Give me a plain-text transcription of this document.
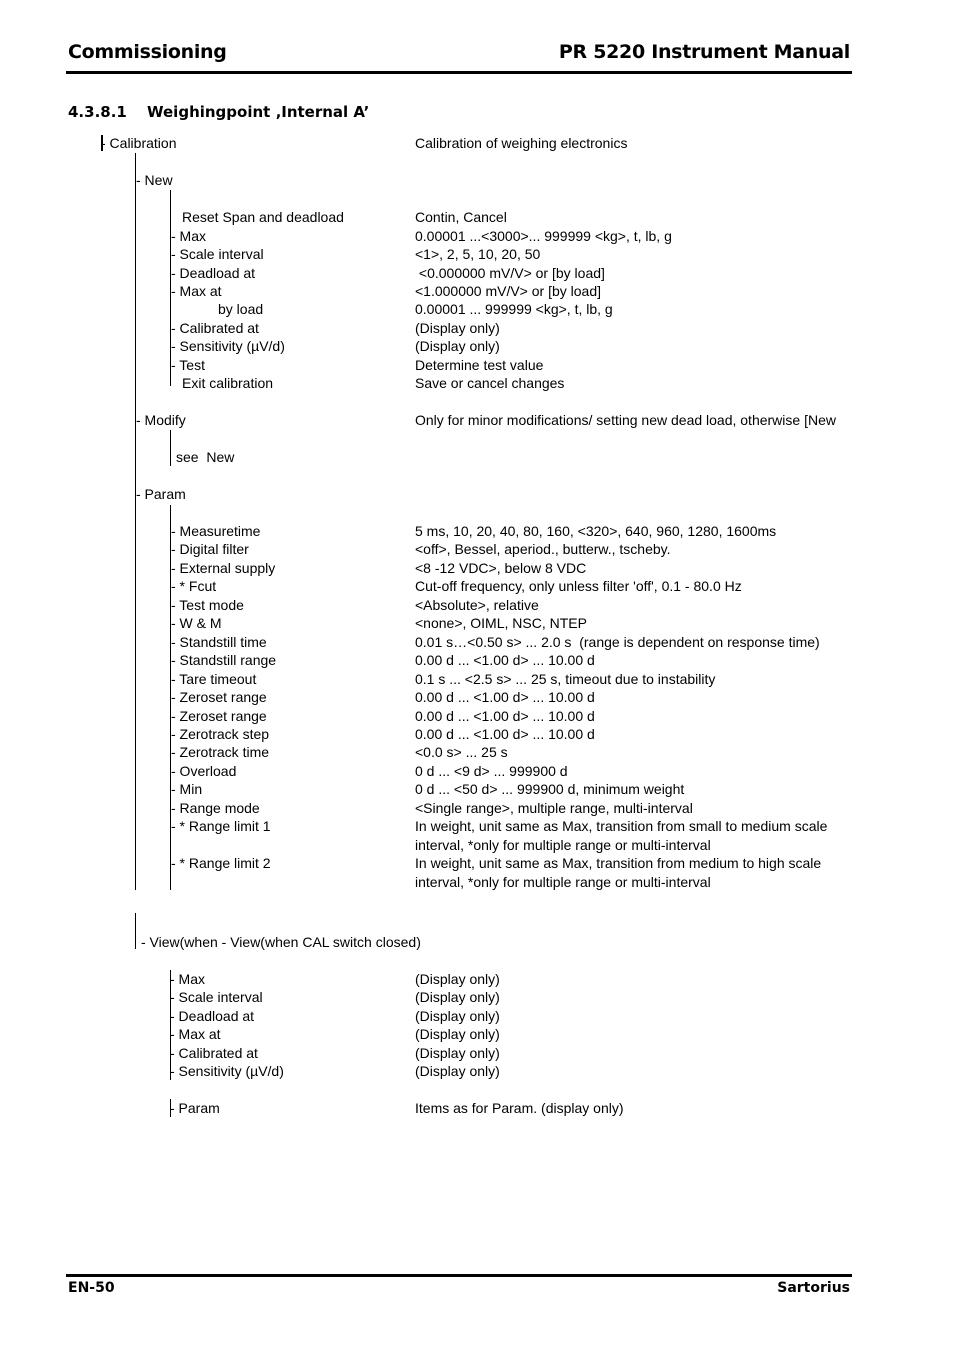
Commissioning	PR 5220 Instrument Manual
4.3.8.1 Weighingpoint ‚Internal A’
- Calibration	Calibration of weighing electronics
- New
Reset Span and deadload	Contin, Cancel
- Max	0.00001 ...<3000>... 999999 <kg>, t, lb, g
- Scale interval	<1>, 2, 5, 10, 20, 50
- Deadload at	<0.000000 mV/V> or [by load]
- Max at	<1.000000 mV/V> or [by load]
by load	0.00001 ... 999999 <kg>, t, lb, g
- Calibrated at	(Display only)
- Sensitivity (µV/d)	(Display only)
- Test	Determine test value
Exit calibration	Save or cancel changes
- Modify	Only for minor modifications/ setting new dead load, otherwise [New
see  New
- Param
- Measuretime	5 ms, 10, 20, 40, 80, 160, <320>, 640, 960, 1280, 1600ms
- Digital filter	<off>, Bessel, aperiod., butterw., tscheby.
- External supply	<8 -12 VDC>, below 8 VDC
- * Fcut	Cut-off frequency, only unless filter 'off', 0.1 - 80.0 Hz
- Test mode	<Absolute>, relative
- W & M	<none>, OIML, NSC, NTEP
- Standstill time	0.01 s…<0.50 s> ... 2.0 s  (range is dependent on response time)
- Standstill range	0.00 d ... <1.00 d> ... 10.00 d
- Tare timeout	0.1 s ... <2.5 s> ... 25 s, timeout due to instability
- Zeroset range	0.00 d ... <1.00 d> ... 10.00 d
- Zeroset range	0.00 d ... <1.00 d> ... 10.00 d
- Zerotrack step	0.00 d ... <1.00 d> ... 10.00 d
- Zerotrack time	<0.0 s> ... 25 s
- Overload	0 d ... <9 d> ... 999900 d
- Min	0 d ... <50 d> ... 999900 d, minimum weight
- Range mode	<Single range>, multiple range, multi-interval
- * Range limit 1	In weight, unit same as Max, transition from small to medium scale
interval, *only for multiple range or multi-interval
- * Range limit 2	In weight, unit same as Max, transition from medium to high scale
interval, *only for multiple range or multi-interval
- View(when - View(when CAL switch closed)
- Max	(Display only)
- Scale interval	(Display only)
- Deadload at	(Display only)
- Max at	(Display only)
- Calibrated at	(Display only)
- Sensitivity (µV/d)	(Display only)
- Param	Items as for Param. (display only)
EN-50	Sartorius
